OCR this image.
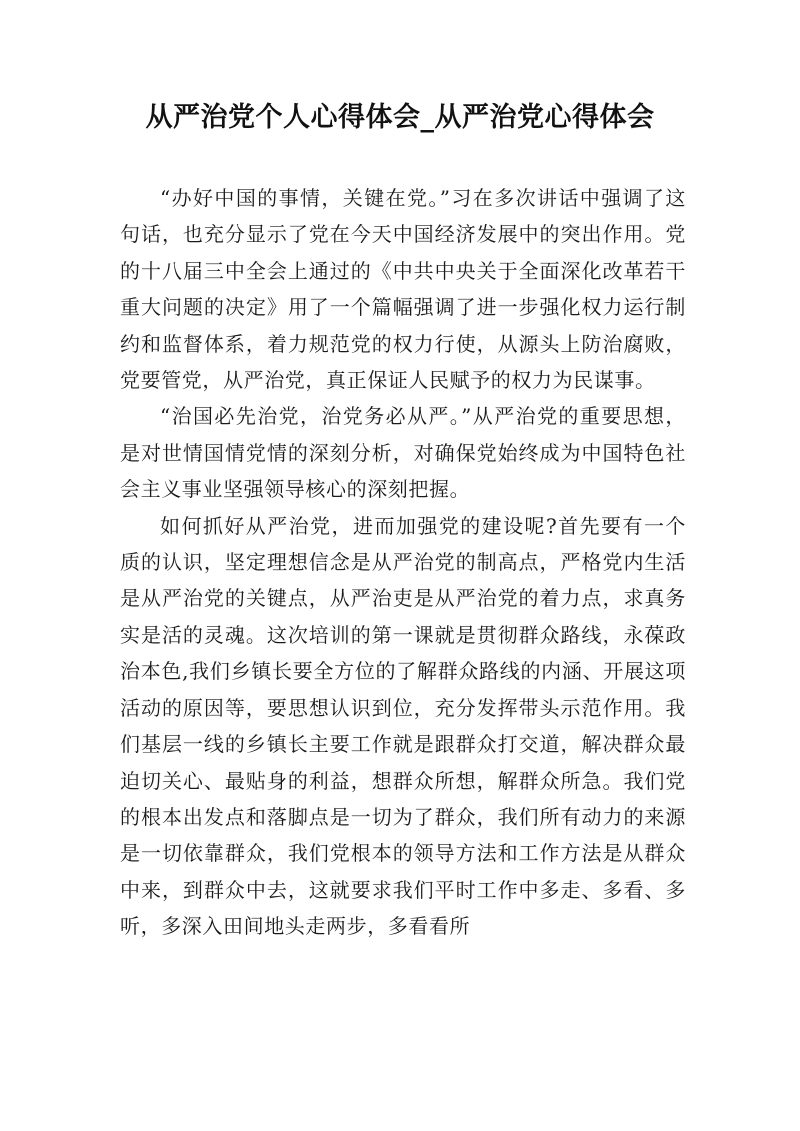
从严治党个人心得体会_从严治党心得体会

“办好中国的事情，关键在党。”习在多次讲话中强调了这句话，也充分显示了党在今天中国经济发展中的突出作用。党的十八届三中全会上通过的《中共中央关于全面深化改革若干重大问题的决定》用了一个篇幅强调了进一步强化权力运行制约和监督体系，着力规范党的权力行使，从源头上防治腐败，党要管党，从严治党，真正保证人民赋予的权力为民谋事。

“治国必先治党，治党务必从严。”从严治党的重要思想，是对世情国情党情的深刻分析，对确保党始终成为中国特色社会主义事业坚强领导核心的深刻把握。

如何抓好从严治党，进而加强党的建设呢?首先要有一个质的认识，坚定理想信念是从严治党的制高点，严格党内生活是从严治党的关键点，从严治吏是从严治党的着力点，求真务实是活的灵魂。这次培训的第一课就是贯彻群众路线，永葆政治本色,我们乡镇长要全方位的了解群众路线的内涵、开展这项活动的原因等，要思想认识到位，充分发挥带头示范作用。我们基层一线的乡镇长主要工作就是跟群众打交道，解决群众最迫切关心、最贴身的利益，想群众所想，解群众所急。我们党的根本出发点和落脚点是一切为了群众，我们所有动力的来源是一切依靠群众，我们党根本的领导方法和工作方法是从群众中来，到群众中去，这就要求我们平时工作中多走、多看、多听，多深入田间地头走两步，多看看所
